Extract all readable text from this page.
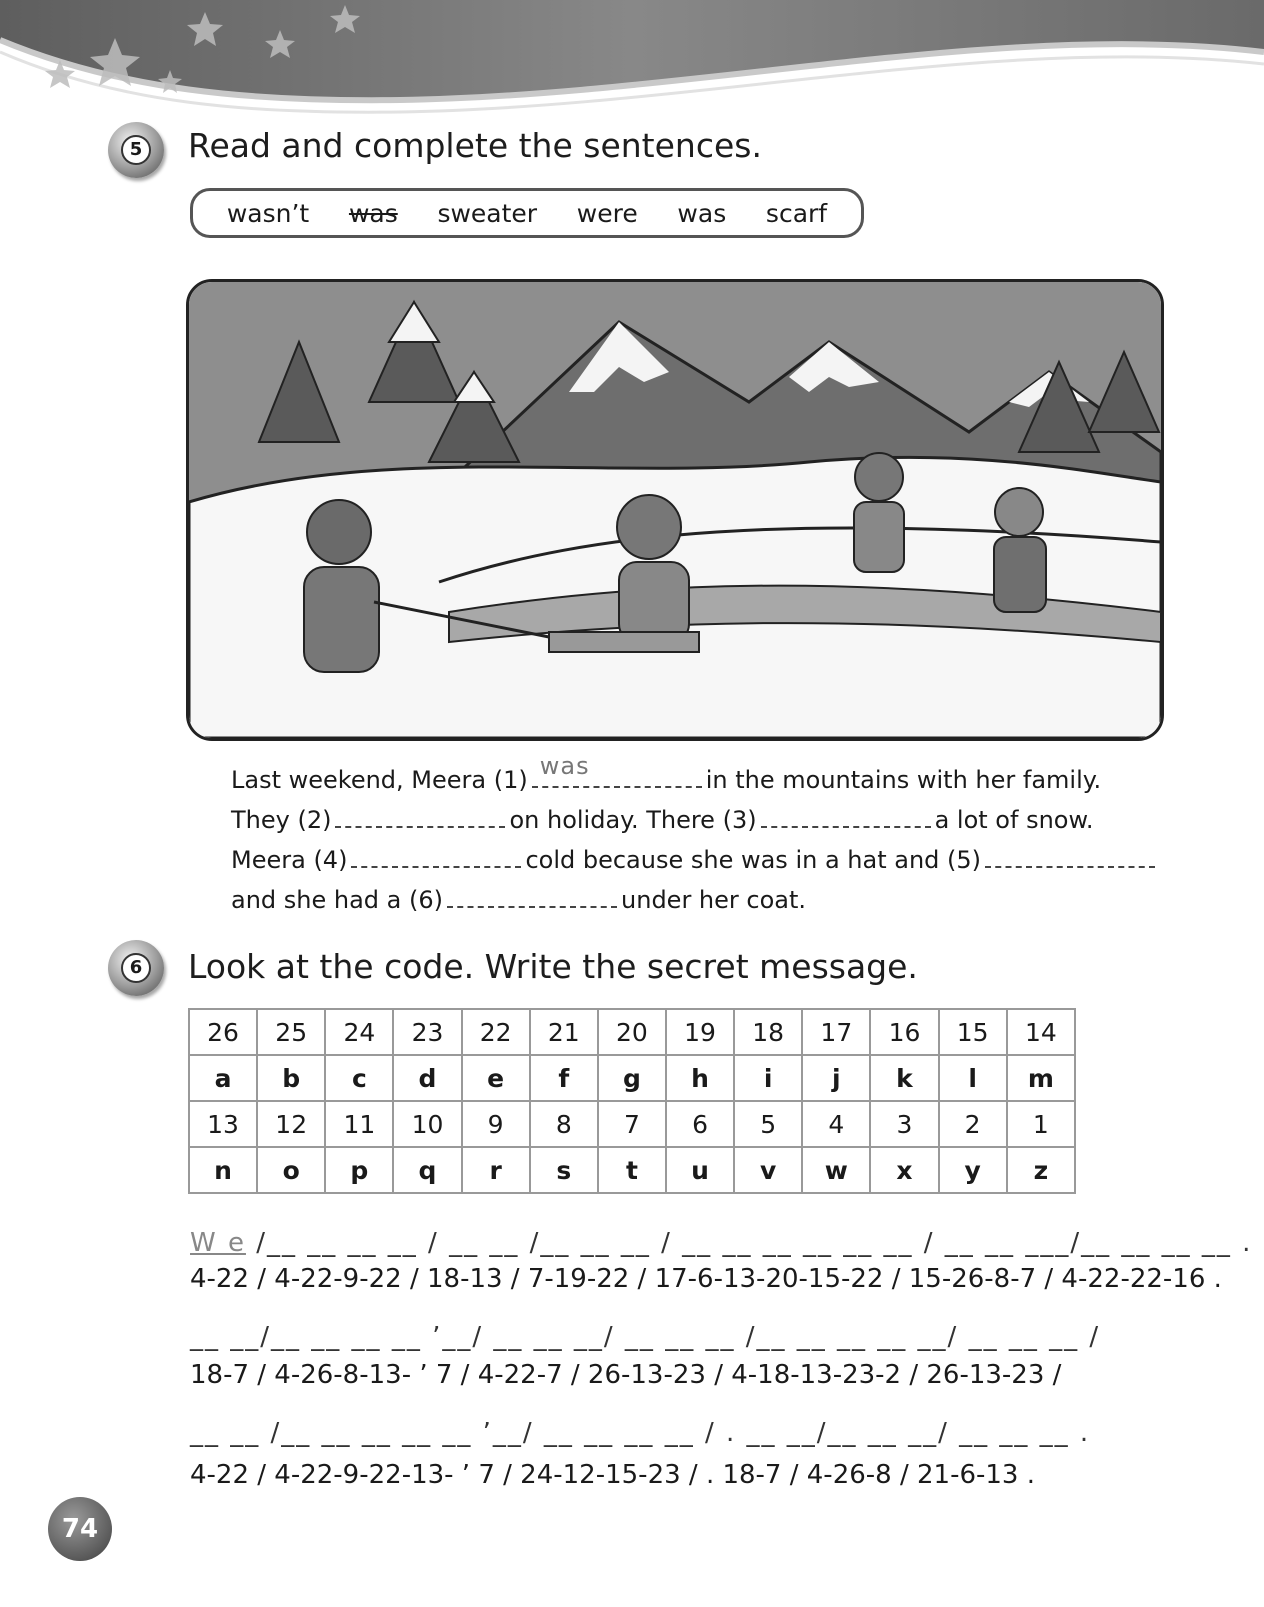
5 Read and complete the sentences.
wasn’t was sweater were was scarf
Last weekend, Meera (1) was	in the mountains with her family.
They (2)	on holiday. There (3)	a lot of snow.
Meera (4)	cold because she was in a hat and (5)
and she had a (6)	under her coat.
6 Look at the code. Write the secret message.
26	25	24	23	22	21	20	19	18	17	16	15	14
a	b	c	d	e	f	g	h	i	j	k	l	m
13	12	11	10	9	8	7	6	5	4	3	2	1
n	o	p	q	r	s	t	u	v	w	x	y	z
W e /__ __ __ __ / __ __ /__ __ __ / __ __ __ __ __ __ / __ __ ___/__ __ __ __ .
4-22 / 4-22-9-22 / 18-13 / 7-19-22 / 17-6-13-20-15-22 / 15-26-8-7 / 4-22-22-16 .
__ __/__ __ __ __ ’__/ __ __ __/ __ __ __ /__ __ __ __ __/ __ __ __ /
18-7 / 4-26-8-13- ’ 7 / 4-22-7 / 26-13-23 / 4-18-13-23-2 / 26-13-23 /
__ __ /__ __ __ __ __ ’__/ __ __ __ __ / . __ __/__ __ __/ __ __ __ .
4-22 / 4-22-9-22-13- ’ 7 / 24-12-15-23 / . 18-7 / 4-26-8 / 21-6-13 .
74
